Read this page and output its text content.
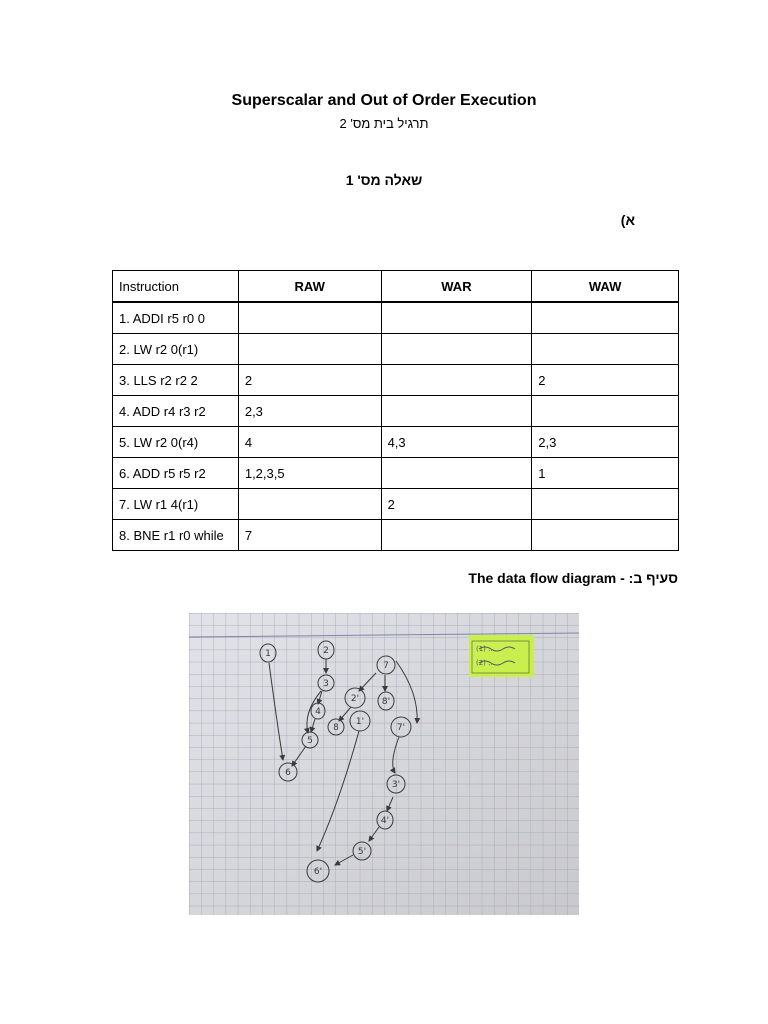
Superscalar and Out of Order Execution
תרגיל בית מס' 2
שאלה מס' 1
א)
Instruction	RAW	WAR	WAW
1. ADDI r5 r0 0			
2. LW r2 0(r1)			
3. LLS r2 r2 2	2		2
4. ADD r4 r3 r2	2,3		
5. LW r2 0(r4)	4	4,3	2,3
6. ADD r5 r5 r2	1,2,3,5		1
7. LW r1 4(r1)		2	
8. BNE r1 r0 while	7		
The data flow diagram - סעיף ב:
1	2
3
4
5
6
7
8
1'
2'
3'
4'
5'
6'
7'
8'
(1) ...
(2) ...
